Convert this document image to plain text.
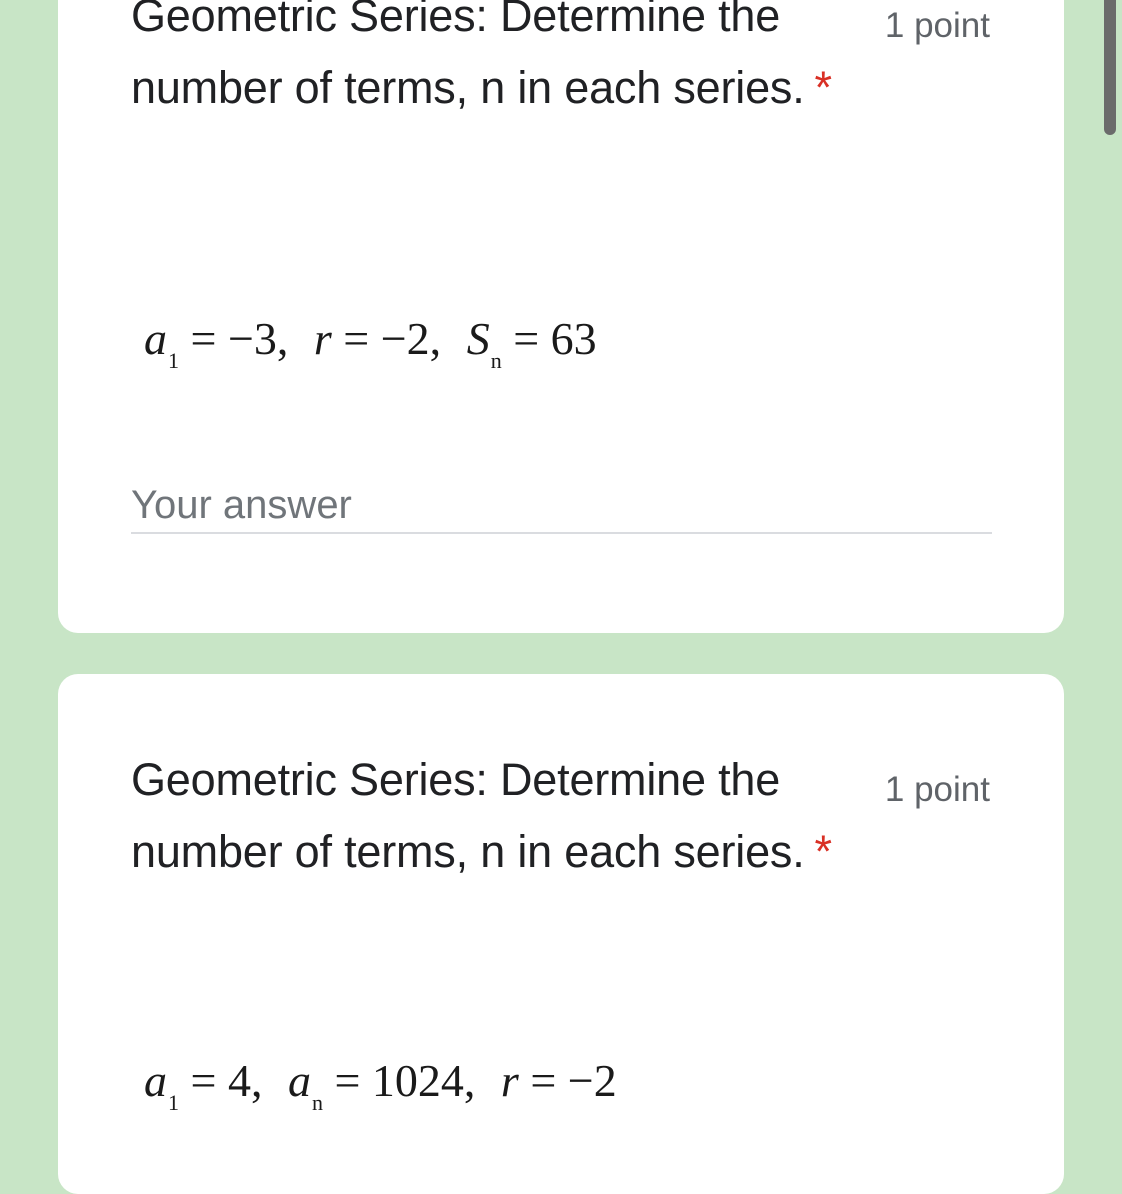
Geometric Series: Determine the number of terms, n in each series. *
1 point
$a_1 = -3$, r = −2, $S_n = 63$
Your answer
Geometric Series: Determine the number of terms, n in each series. *
1 point
$a_1 = 4$, $a_n = 1024$, r = −2
